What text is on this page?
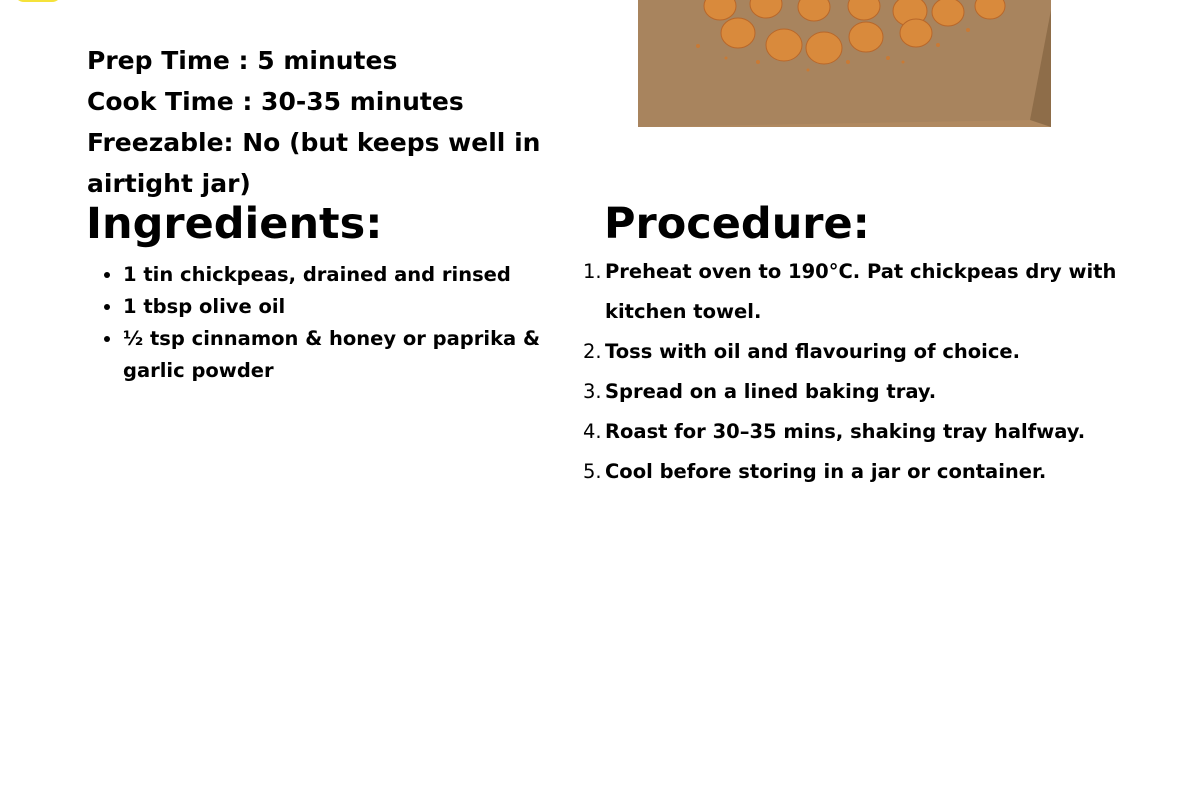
Prep Time : 5 minutes
Cook Time : 30-35 minutes
Freezable: No (but keeps well in airtight jar)
Ingredients:
• 1 tin chickpeas, drained and rinsed
• 1 tbsp olive oil
• ½ tsp cinnamon & honey or paprika & garlic powder
Procedure:
1. Preheat oven to 190°C. Pat chickpeas dry with kitchen towel.
2. Toss with oil and flavouring of choice.
3. Spread on a lined baking tray.
4. Roast for 30–35 mins, shaking tray halfway.
5. Cool before storing in a jar or container.
